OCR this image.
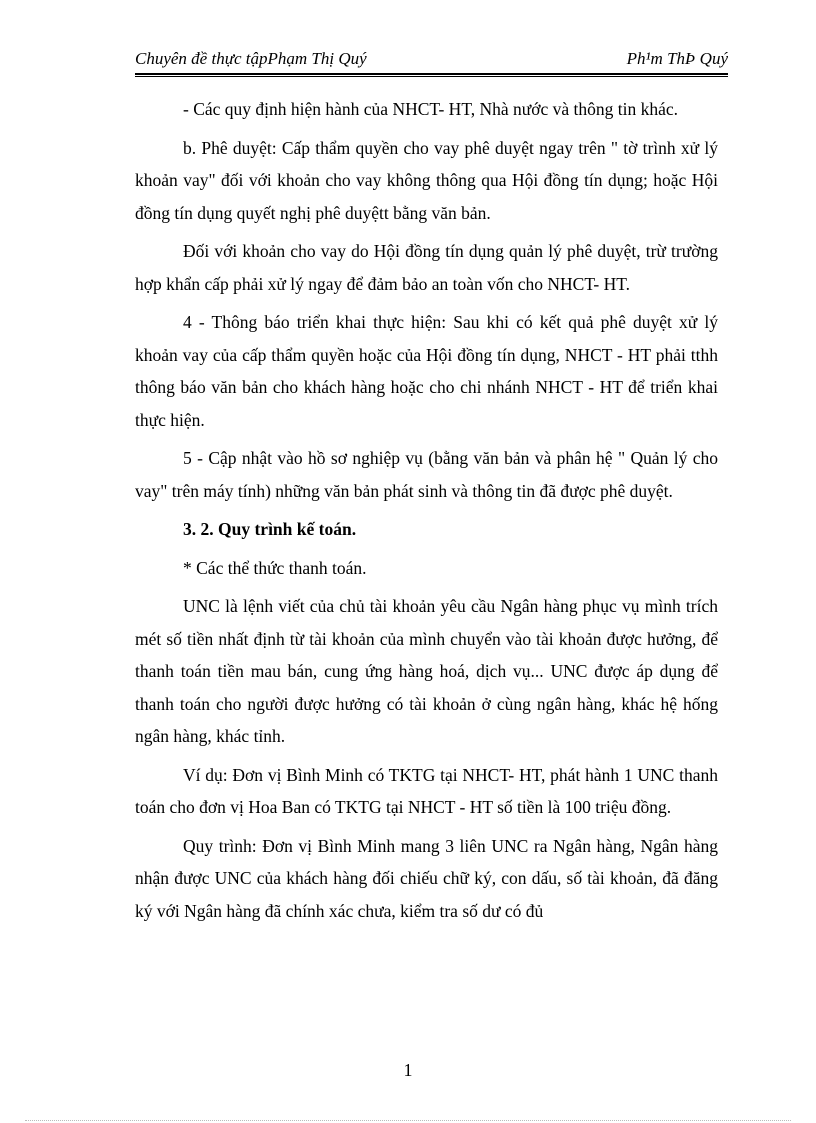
Chuyên đề thực tậpPhạm Thị Quý	Ph¹m ThÞ Quý

- Các quy định hiện hành của NHCT- HT, Nhà nước và thông tin khác.

b. Phê duyệt: Cấp thẩm quyền cho vay phê duyệt ngay trên " tờ trình xử lý khoản vay" đối với khoản cho vay không thông qua Hội đồng tín dụng; hoặc Hội đồng tín dụng quyết nghị phê duyệtt bằng văn bản.

Đối với khoản cho vay do Hội đồng tín dụng quản lý phê duyệt, trừ trường hợp khẩn cấp phải xử lý ngay để đảm bảo an toàn vốn cho NHCT- HT.

4 - Thông báo triển khai thực hiện: Sau khi có kết quả phê duyệt xử lý khoản vay của cấp thẩm quyền hoặc của Hội đồng tín dụng, NHCT - HT phải tthh thông báo văn bản cho khách hàng hoặc cho chi nhánh NHCT - HT để triển khai thực hiện.

5 - Cập nhật vào hồ sơ nghiệp vụ (bằng văn bản và phân hệ " Quản lý cho vay" trên máy tính) những văn bản phát sinh và thông tin đã được phê duyệt.

3. 2. Quy trình kế toán.

* Các thể thức thanh toán.

UNC là lệnh viết của chủ tài khoản yêu cầu Ngân hàng phục vụ mình trích mét số tiền nhất định từ tài khoản của mình chuyển vào tài khoản được hưởng, để thanh toán tiền mau bán, cung ứng hàng hoá, dịch vụ... UNC được áp dụng để thanh toán cho người được hưởng có tài khoản ở cùng ngân hàng, khác hệ hống ngân hàng, khác tỉnh.

Ví dụ: Đơn vị Bình Minh có TKTG tại NHCT- HT, phát hành 1 UNC thanh toán cho đơn vị Hoa Ban có TKTG tại NHCT - HT số tiền là 100 triệu đồng.

Quy trình: Đơn vị Bình Minh mang 3 liên UNC ra Ngân hàng, Ngân hàng nhận được UNC của khách hàng đối chiếu chữ ký, con dấu, số tài khoản, đã đăng ký với Ngân hàng đã chính xác chưa, kiểm tra số dư có đủ

1
